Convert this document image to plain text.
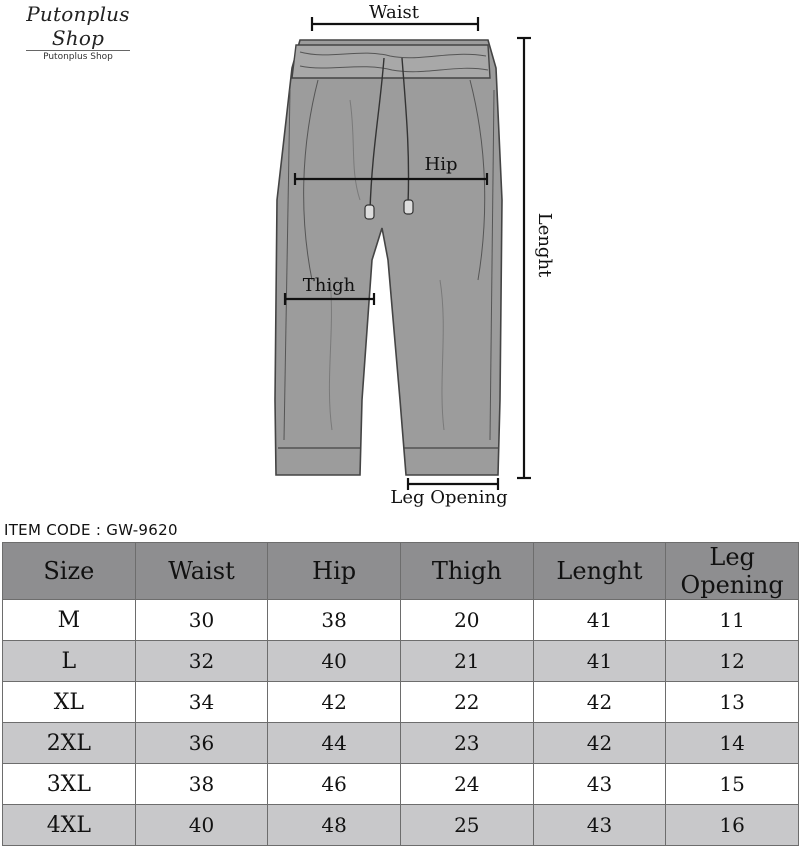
Putonplus Shop
Putonplus Shop
Waist
Hip
Thigh
Lenght
Leg Opening
ITEM CODE : GW-9620
Size	Waist	Hip	Thigh	Lenght	Leg Opening
M	30	38	20	41	11
L	32	40	21	41	12
XL	34	42	22	42	13
2XL	36	44	23	42	14
3XL	38	46	24	43	15
4XL	40	48	25	43	16
